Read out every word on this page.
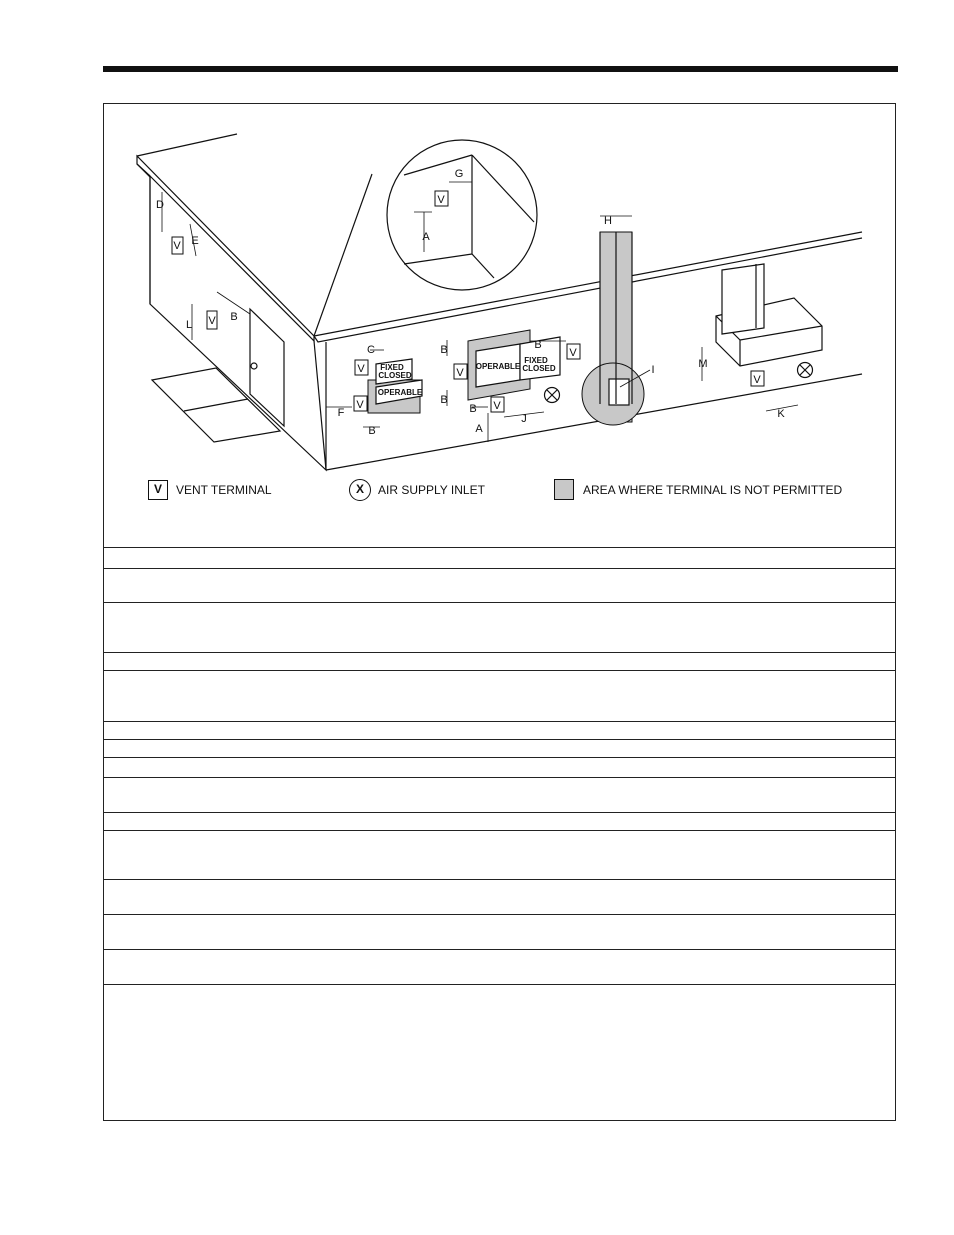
V
V
V
V
V
V
V
V
V
FIXED
CLOSED
OPERABLE
OPERABLE
FIXED
CLOSED
D
E
L
B
C
F
B
B
B
B
B
A
J
G
A
H
I	M
K
V	VENT TERMINAL	X	AIR SUPPLY INLET	AREA WHERE TERMINAL IS NOT PERMITTED
